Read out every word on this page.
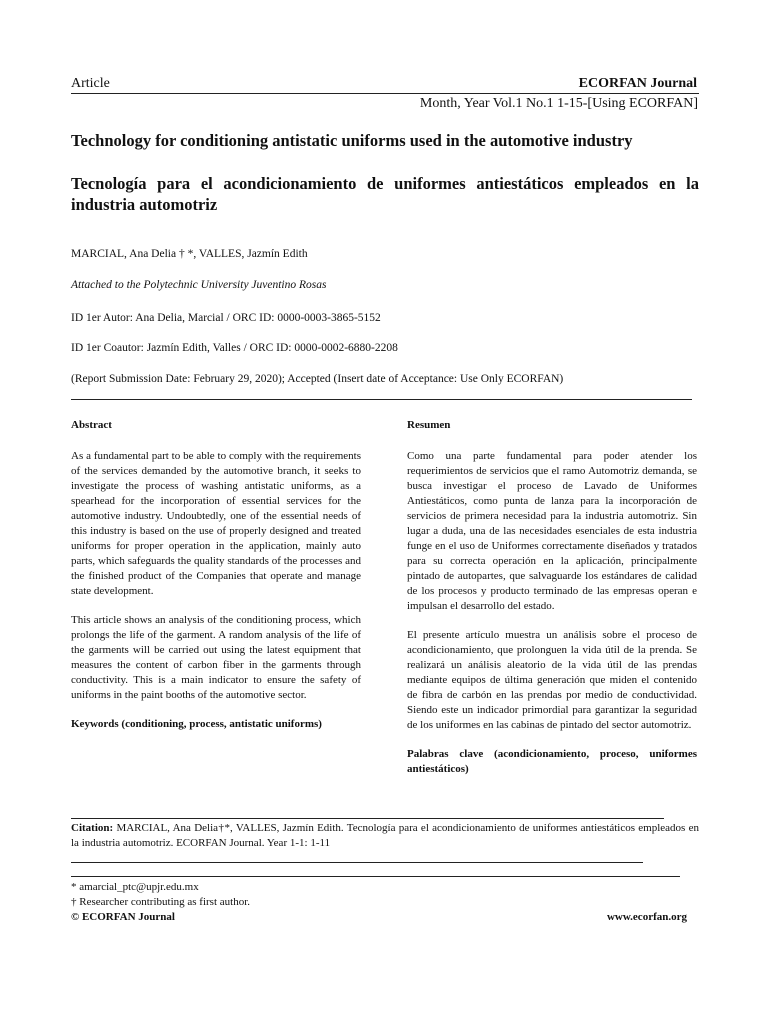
Article	ECORFAN Journal
Month, Year Vol.1 No.1 1-15-[Using ECORFAN]
Technology for conditioning antistatic uniforms used in the automotive industry
Tecnología para el acondicionamiento de uniformes antiestáticos empleados en la industria automotriz
MARCIAL, Ana Delia † *, VALLES, Jazmín Edith
Attached to the Polytechnic University Juventino Rosas
ID 1er Autor: Ana Delia, Marcial / ORC ID: 0000-0003-3865-5152
ID 1er Coautor: Jazmín Edith, Valles / ORC ID: 0000-0002-6880-2208
(Report Submission Date: February 29, 2020); Accepted (Insert date of Acceptance: Use Only ECORFAN)
Abstract

As a fundamental part to be able to comply with the requirements of the services demanded by the automotive branch, it seeks to investigate the process of washing antistatic uniforms, as a spearhead for the incorporation of essential services for the automotive industry. Undoubtedly, one of the essential needs of this industry is based on the use of properly designed and treated uniforms for proper operation in the application, mainly auto parts, which safeguards the quality standards of the processes and the finished product of the Companies that operate and manage state development.

This article shows an analysis of the conditioning process, which prolongs the life of the garment. A random analysis of the life of the garments will be carried out using the latest equipment that measures the content of carbon fiber in the garments through conductivity. This is a main indicator to ensure the safety of uniforms in the paint booths of the automotive sector.

Keywords (conditioning, process, antistatic uniforms)

Resumen

Como una parte fundamental para poder atender los requerimientos de servicios que el ramo Automotriz demanda, se busca investigar el proceso de Lavado de Uniformes Antiestáticos, como punta de lanza para la incorporación de servicios de primera necesidad para la industria automotriz. Sin lugar a duda, una de las necesidades esenciales de esta industria funge en el uso de Uniformes correctamente diseñados y tratados para su correcta operación en la aplicación, principalmente pintado de autopartes, que salvaguarde los estándares de calidad de los procesos y producto terminado de las empresas operan e impulsan el desarrollo del estado.

El presente artículo muestra un análisis sobre el proceso de acondicionamiento, que prolonguen la vida útil de la prenda. Se realizará un análisis aleatorio de la vida útil de las prendas mediante equipos de última generación que miden el contenido de fibra de carbón en las prendas por medio de conductividad. Siendo este un indicador primordial para garantizar la seguridad de los uniformes en las cabinas de pintado del sector automotriz.

Palabras clave (acondicionamiento, proceso, uniformes antiestáticos)

Citation: MARCIAL, Ana Delia†*, VALLES, Jazmín Edith. Tecnología para el acondicionamiento de uniformes antiestáticos empleados en la industria automotriz. ECORFAN Journal. Year 1-1: 1-11
* amarcial_ptc@upjr.edu.mx
† Researcher contributing as first author.
© ECORFAN Journal	www.ecorfan.org
